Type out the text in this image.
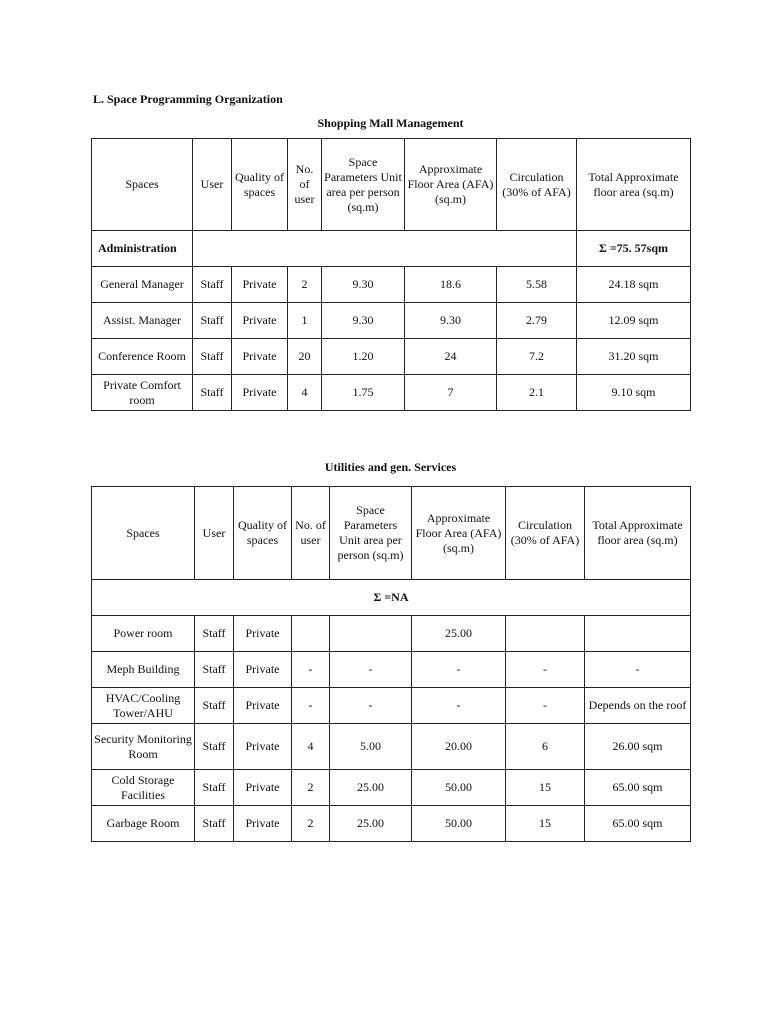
L. Space Programming Organization
Shopping Mall Management
Spaces	User	Quality of spaces	No. of user	Space Parameters Unit area per person (sq.m)	Approximate Floor Area (AFA)(sq.m)	Circulation (30% of AFA)	Total Approximate floor area (sq.m)
Administration							Σ =75. 57sqm
General Manager	Staff	Private	2	9.30	18.6	5.58	24.18 sqm
Assist. Manager	Staff	Private	1	9.30	9.30	2.79	12.09 sqm
Conference Room	Staff	Private	20	1.20	24	7.2	31.20 sqm
Private Comfort room	Staff	Private	4	1.75	7	2.1	9.10 sqm
Utilities and gen. Services
Spaces	User	Quality of spaces	No. of user	Space Parameters Unit area per person (sq.m)	Approximate Floor Area (AFA)(sq.m)	Circulation (30% of AFA)	Total Approximate floor area (sq.m)
Σ =NA							
Power room	Staff	Private			25.00		
Meph Building	Staff	Private	-	-	-	-	-
HVAC/Cooling Tower/AHU	Staff	Private	-	-	-	-	Depends on the roof
Security Monitoring Room	Staff	Private	4	5.00	20.00	6	26.00 sqm
Cold Storage Facilities	Staff	Private	2	25.00	50.00	15	65.00 sqm
Garbage Room	Staff	Private	2	25.00	50.00	15	65.00 sqm
